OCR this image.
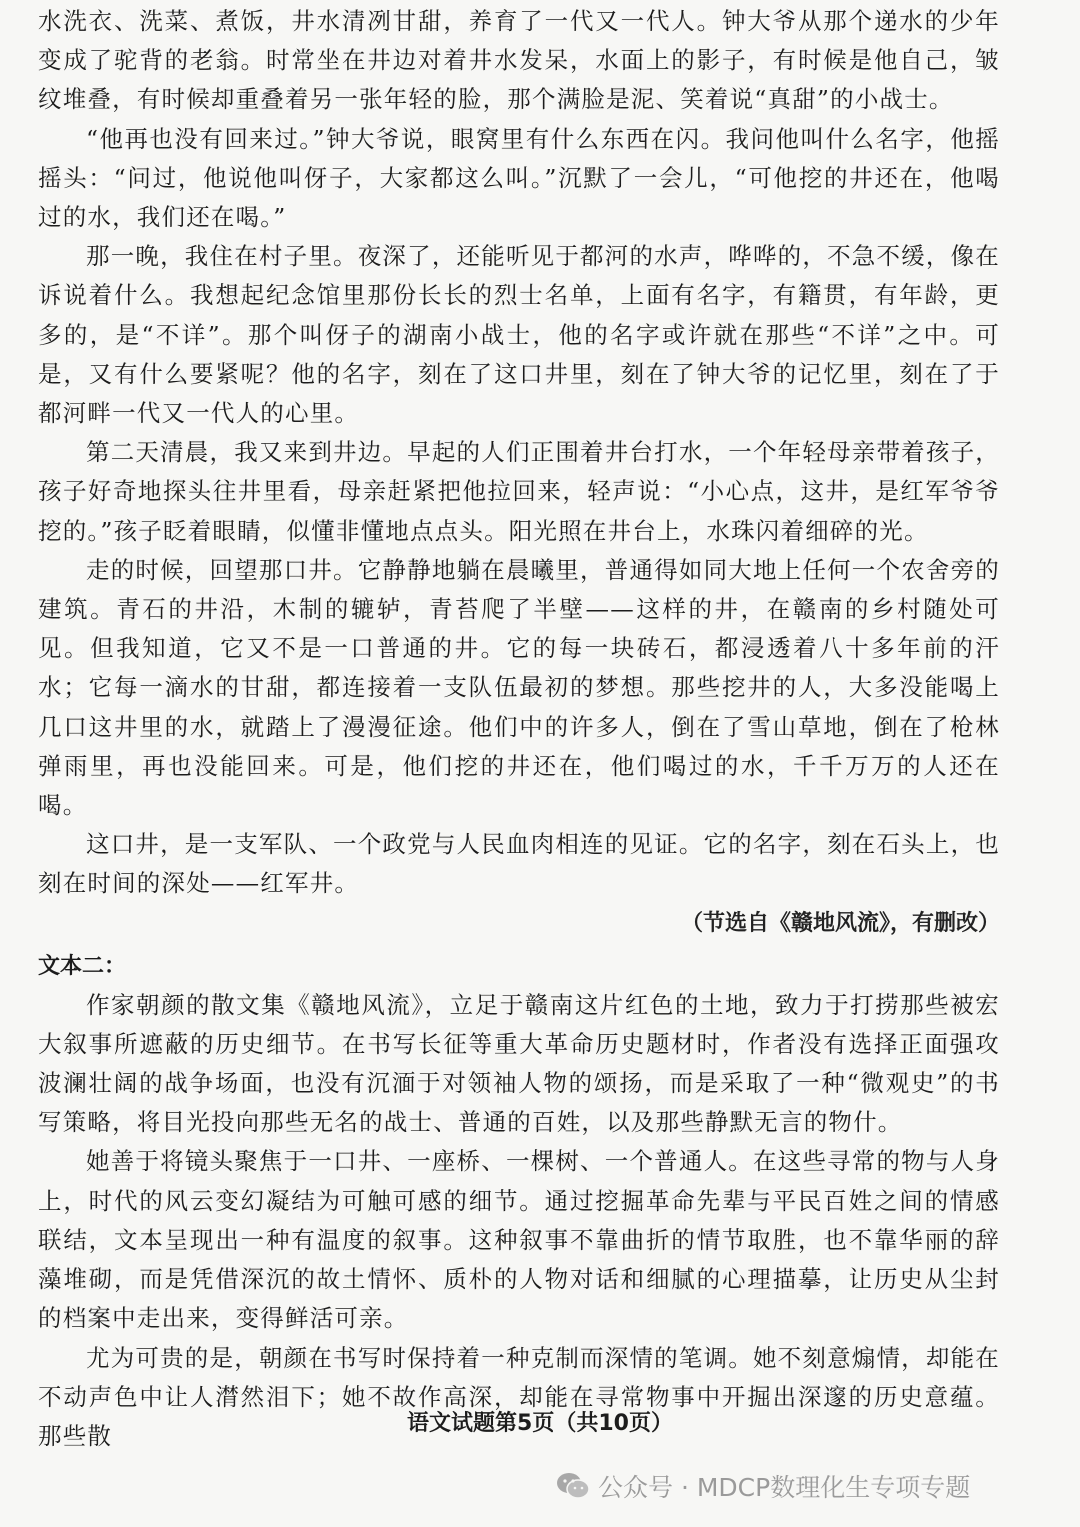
水洗衣、洗菜、煮饭，井水清冽甘甜，养育了一代又一代人。钟大爷从那个递水的少年变成了驼背的老翁。时常坐在井边对着井水发呆，水面上的影子，有时候是他自己，皱纹堆叠，有时候却重叠着另一张年轻的脸，那个满脸是泥、笑着说“真甜”的小战士。

“他再也没有回来过。”钟大爷说，眼窝里有什么东西在闪。我问他叫什么名字，他摇摇头：“问过，他说他叫伢子，大家都这么叫。”沉默了一会儿，“可他挖的井还在，他喝过的水，我们还在喝。”

那一晚，我住在村子里。夜深了，还能听见于都河的水声，哗哗的，不急不缓，像在诉说着什么。我想起纪念馆里那份长长的烈士名单，上面有名字，有籍贯，有年龄，更多的，是“不详”。那个叫伢子的湖南小战士，他的名字或许就在那些“不详”之中。可是，又有什么要紧呢？他的名字，刻在了这口井里，刻在了钟大爷的记忆里，刻在了于都河畔一代又一代人的心里。

第二天清晨，我又来到井边。早起的人们正围着井台打水，一个年轻母亲带着孩子，孩子好奇地探头往井里看，母亲赶紧把他拉回来，轻声说：“小心点，这井，是红军爷爷挖的。”孩子眨着眼睛，似懂非懂地点点头。阳光照在井台上，水珠闪着细碎的光。

走的时候，回望那口井。它静静地躺在晨曦里，普通得如同大地上任何一个农舍旁的建筑。青石的井沿，木制的辘轳，青苔爬了半壁——这样的井，在赣南的乡村随处可见。但我知道，它又不是一口普通的井。它的每一块砖石，都浸透着八十多年前的汗水；它每一滴水的甘甜，都连接着一支队伍最初的梦想。那些挖井的人，大多没能喝上几口这井里的水，就踏上了漫漫征途。他们中的许多人，倒在了雪山草地，倒在了枪林弹雨里，再也没能回来。可是，他们挖的井还在，他们喝过的水，千千万万的人还在喝。

这口井，是一支军队、一个政党与人民血肉相连的见证。它的名字，刻在石头上，也刻在时间的深处——红军井。

（节选自《赣地风流》，有删改）

文本二：

作家朝颜的散文集《赣地风流》，立足于赣南这片红色的土地，致力于打捞那些被宏大叙事所遮蔽的历史细节。在书写长征等重大革命历史题材时，作者没有选择正面强攻波澜壮阔的战争场面，也没有沉湎于对领袖人物的颂扬，而是采取了一种“微观史”的书写策略，将目光投向那些无名的战士、普通的百姓，以及那些静默无言的物什。

她善于将镜头聚焦于一口井、一座桥、一棵树、一个普通人。在这些寻常的物与人身上，时代的风云变幻凝结为可触可感的细节。通过挖掘革命先辈与平民百姓之间的情感联结，文本呈现出一种有温度的叙事。这种叙事不靠曲折的情节取胜，也不靠华丽的辞藻堆砌，而是凭借深沉的故土情怀、质朴的人物对话和细腻的心理描摹，让历史从尘封的档案中走出来，变得鲜活可亲。

尤为可贵的是，朝颜在书写时保持着一种克制而深情的笔调。她不刻意煽情，却能在不动声色中让人潸然泪下；她不故作高深，却能在寻常物事中开掘出深邃的历史意蕴。那些散	语文试题第5页（共10页）
公众号 · MDCP数理化生专项专题
